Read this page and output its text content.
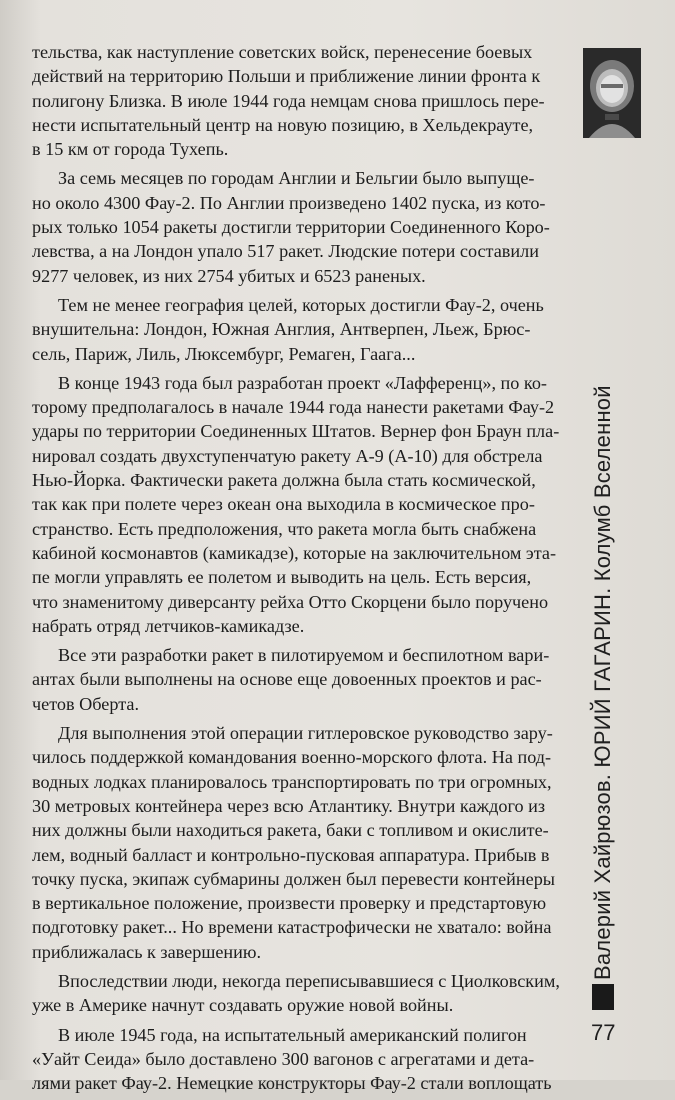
тельства, как наступление советских войск, перенесение боевых
действий на территорию Польши и приближение линии фронта к
полигону Близка. В июле 1944 года немцам снова пришлось пере-
нести испытательный центр на новую позицию, в Хельдекрауте,
в 15 км от города Тухепь.
За семь месяцев по городам Англии и Бельгии было выпуще-
но около 4300 Фау-2. По Англии произведено 1402 пуска, из кото-
рых только 1054 ракеты достигли территории Соединенного Коро-
левства, а на Лондон упало 517 ракет. Людские потери составили
9277 человек, из них 2754 убитых и 6523 раненых.
Тем не менее география целей, которых достигли Фау-2, очень
внушительна: Лондон, Южная Англия, Антверпен, Льеж, Брюс-
сель, Париж, Лиль, Люксембург, Ремаген, Гаага...
В конце 1943 года был разработан проект «Лафференц», по ко-
торому предполагалось в начале 1944 года нанести ракетами Фау-2
удары по территории Соединенных Штатов. Вернер фон Браун пла-
нировал создать двухступенчатую ракету А-9 (А-10) для обстрела
Нью-Йорка. Фактически ракета должна была стать космической,
так как при полете через океан она выходила в космическое про-
странство. Есть предположения, что ракета могла быть снабжена
кабиной космонавтов (камикадзе), которые на заключительном эта-
пе могли управлять ее полетом и выводить на цель. Есть версия,
что знаменитому диверсанту рейха Отто Скорцени было поручено
набрать отряд летчиков-камикадзе.
Все эти разработки ракет в пилотируемом и беспилотном вари-
антах были выполнены на основе еще довоенных проектов и рас-
четов Оберта.
Для выполнения этой операции гитлеровское руководство зару-
чилось поддержкой командования военно-морского флота. На под-
водных лодках планировалось транспортировать по три огромных,
30 метровых контейнера через всю Атлантику. Внутри каждого из
них должны были находиться ракета, баки с топливом и окислите-
лем, водный балласт и контрольно-пусковая аппаратура. Прибыв в
точку пуска, экипаж субмарины должен был перевести контейнеры
в вертикальное положение, произвести проверку и предстартовую
подготовку ракет... Но времени катастрофически не хватало: война
приближалась к завершению.
Впоследствии люди, некогда переписывавшиеся с Циолковским,
уже в Америке начнут создавать оружие новой войны.
В июле 1945 года, на испытательный американский полигон
«Уайт Сеида» было доставлено 300 вагонов с агрегатами и дета-
лями ракет Фау-2. Немецкие конструкторы Фау-2 стали воплощать
Валерий Хайрюзов. ЮРИЙ ГАГАРИН. Колумб Вселенной
77
